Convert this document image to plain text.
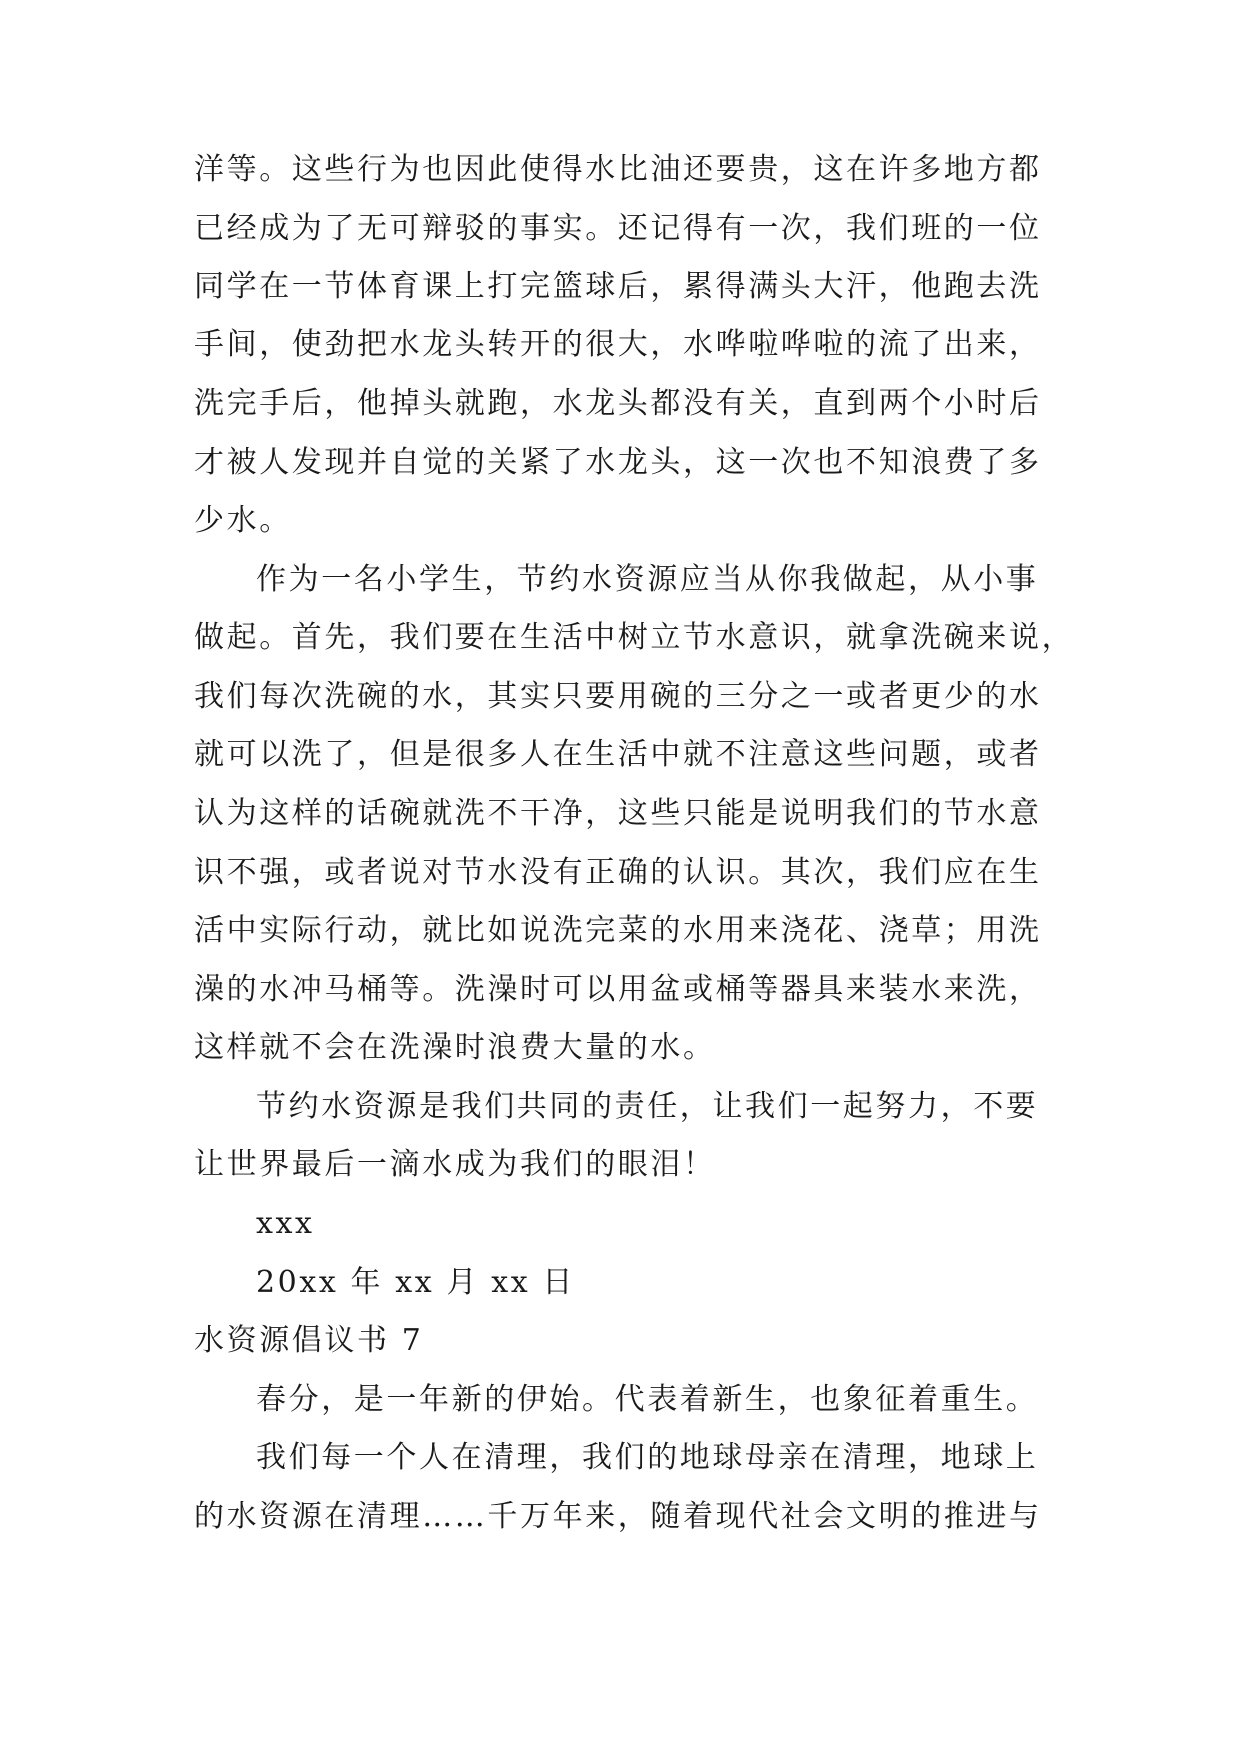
洋等。这些行为也因此使得水比油还要贵，这在许多地方都
已经成为了无可辩驳的事实。还记得有一次，我们班的一位
同学在一节体育课上打完篮球后，累得满头大汗，他跑去洗
手间，使劲把水龙头转开的很大，水哗啦哗啦的流了出来，
洗完手后，他掉头就跑，水龙头都没有关，直到两个小时后
才被人发现并自觉的关紧了水龙头，这一次也不知浪费了多
少水。
作为一名小学生，节约水资源应当从你我做起，从小事
做起。首先，我们要在生活中树立节水意识，就拿洗碗来说，
我们每次洗碗的水，其实只要用碗的三分之一或者更少的水
就可以洗了，但是很多人在生活中就不注意这些问题，或者
认为这样的话碗就洗不干净，这些只能是说明我们的节水意
识不强，或者说对节水没有正确的认识。其次，我们应在生
活中实际行动，就比如说洗完菜的水用来浇花、浇草；用洗
澡的水冲马桶等。洗澡时可以用盆或桶等器具来装水来洗，
这样就不会在洗澡时浪费大量的水。
节约水资源是我们共同的责任，让我们一起努力，不要
让世界最后一滴水成为我们的眼泪！
xxx
20xx 年 xx 月 xx 日
水资源倡议书 7
春分，是一年新的伊始。代表着新生，也象征着重生。
我们每一个人在清理，我们的地球母亲在清理，地球上
的水资源在清理……千万年来，随着现代社会文明的推进与
